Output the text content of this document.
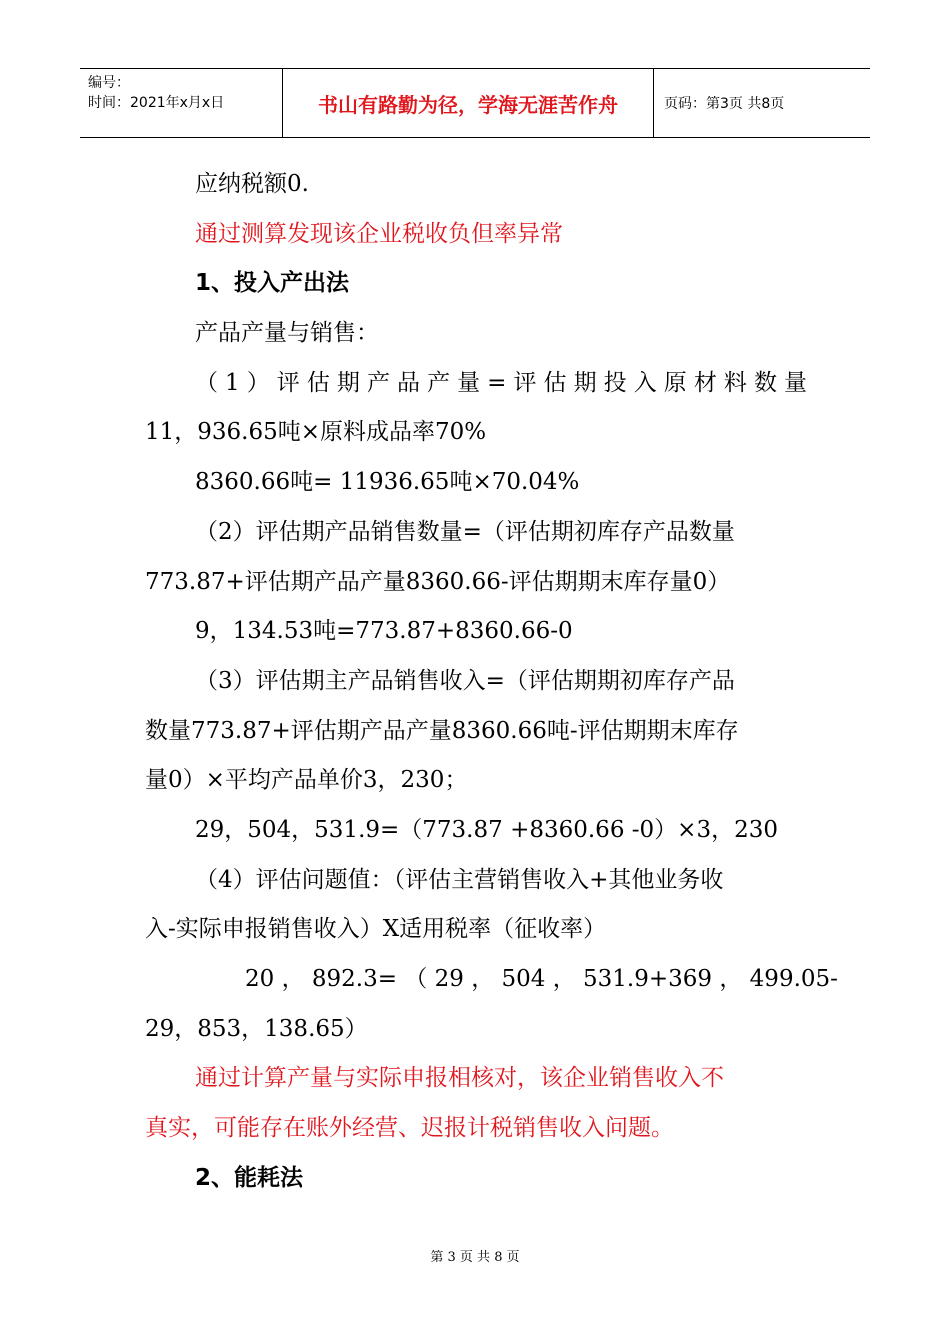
编号：
时间：2021年x月x日	书山有路勤为径，学海无涯苦作舟	页码：第3页 共8页
应纳税额0.
通过测算发现该企业税收负但率异常
1、投入产出法
产品产量与销售：
（1）评估期产品产量=评估期投入原材料数量
11，936.65吨×原料成品率70%
8360.66吨= 11936.65吨×70.04%
（2）评估期产品销售数量=（评估期初库存产品数量
773.87+评估期产品产量8360.66-评估期期末库存量0）
9，134.53吨=773.87+8360.66-0
（3）评估期主产品销售收入=（评估期期初库存产品
数量773.87+评估期产品产量8360.66吨-评估期期末库存
量0）×平均产品单价3，230；
29，504，531.9=（773.87 +8360.66 -0）×3，230
（4）评估问题值：（评估主营销售收入+其他业务收
入-实际申报销售收入）X适用税率（征收率）
20 ， 892.3= （ 29 ， 504 ， 531.9+369 ， 499.05-
29，853，138.65）
通过计算产量与实际申报相核对，该企业销售收入不
真实，可能存在账外经营、迟报计税销售收入问题。
2、能耗法
第 3 页 共 8 页
